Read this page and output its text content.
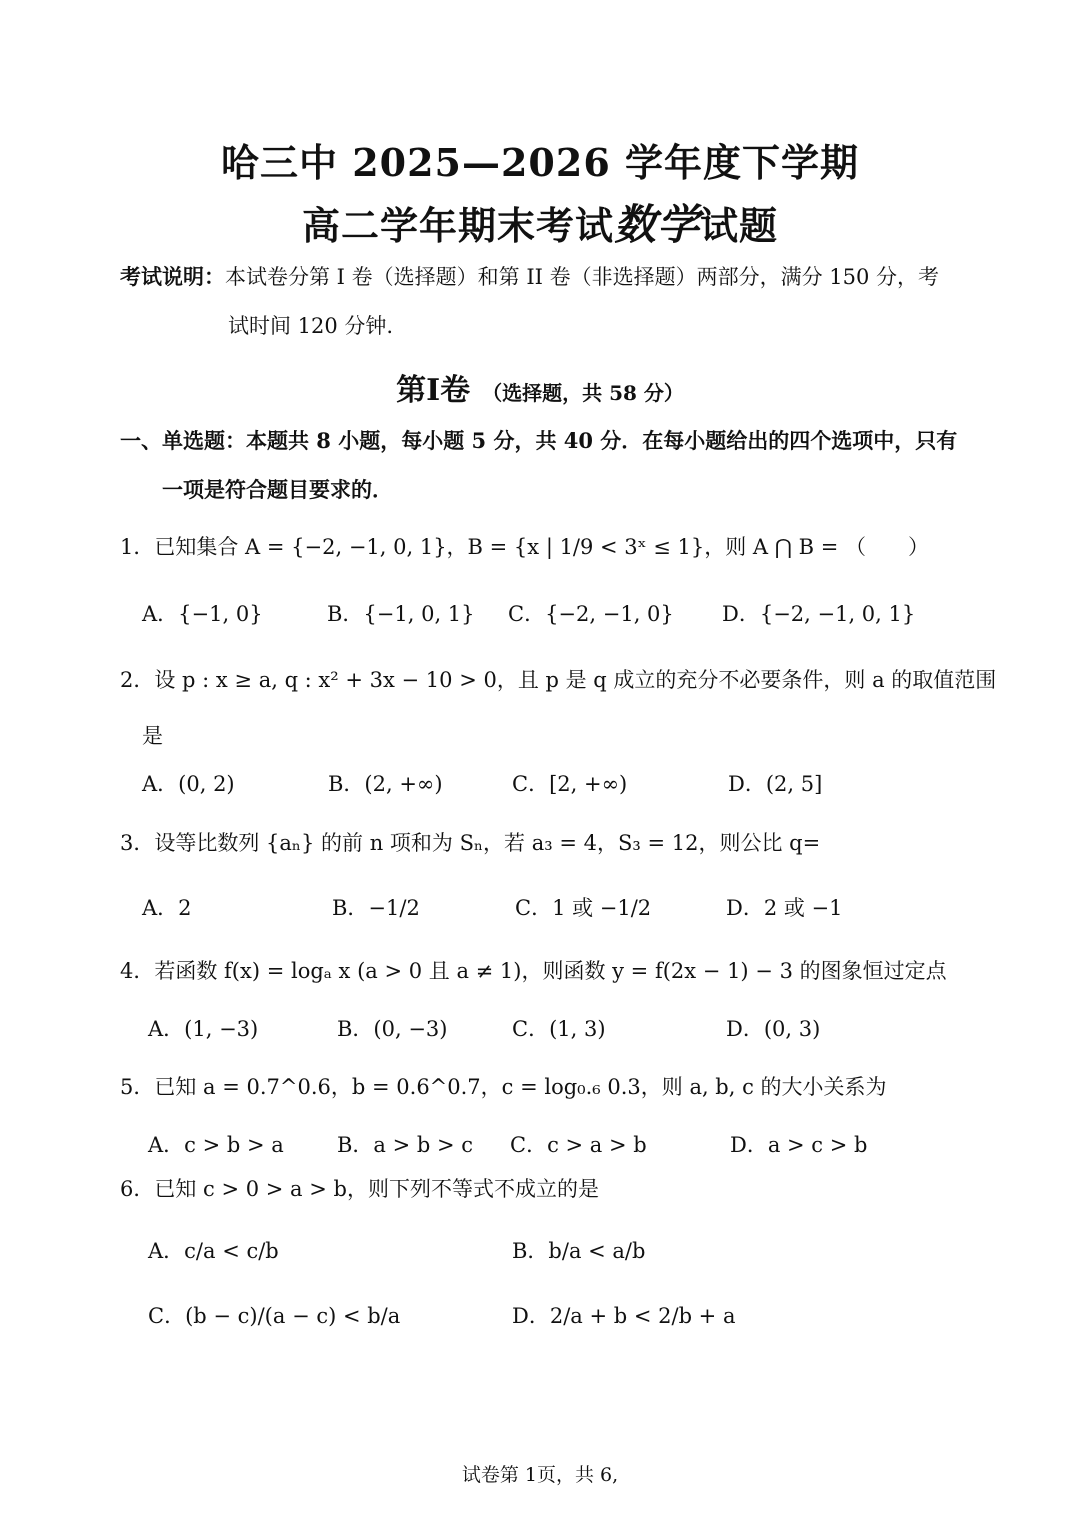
哈三中 2025—2026 学年度下学期
高二学年期末考试数学试题
考试说明：本试卷分第 I 卷（选择题）和第 II 卷（非选择题）两部分，满分 150 分，考
试时间 120 分钟.
第I卷 （选择题，共 58 分）
一、单选题：本题共 8 小题，每小题 5 分，共 40 分．在每小题给出的四个选项中，只有
一项是符合题目要求的．
1．已知集合 A = {−2, −1, 0, 1}，B = {x | 1/9 < 3ˣ ≤ 1}，则 A ⋂ B = （　　）
A．{−1, 0}	B．{−1, 0, 1} C．{−2, −1, 0} D．{−2, −1, 0, 1}
2．设 p : x ≥ a, q : x² + 3x − 10 > 0，且 p 是 q 成立的充分不必要条件，则 a 的取值范围
是
A．(0, 2)	B．(2, +∞)	C．[2, +∞)	D．(2, 5]
3．设等比数列 {aₙ} 的前 n 项和为 Sₙ，若 a₃ = 4，S₃ = 12，则公比 q=
A．2	B．−1/2	C．1 或 −1/2	D．2 或 −1
4．若函数 f(x) = logₐ x (a > 0 且 a ≠ 1)，则函数 y = f(2x − 1) − 3 的图象恒过定点
A．(1, −3)	B．(0, −3)	C．(1, 3)	D．(0, 3)
5．已知 a = 0.7^0.6，b = 0.6^0.7，c = log₀.₆ 0.3，则 a, b, c 的大小关系为
A．c > b > a	B．a > b > c C．c > a > b	D．a > c > b
6．已知 c > 0 > a > b，则下列不等式不成立的是
A．c/a < c/b	B．b/a < a/b
C．(b − c)/(a − c) < b/a	D．2/a + b < 2/b + a
试卷第 1页，共 6,
